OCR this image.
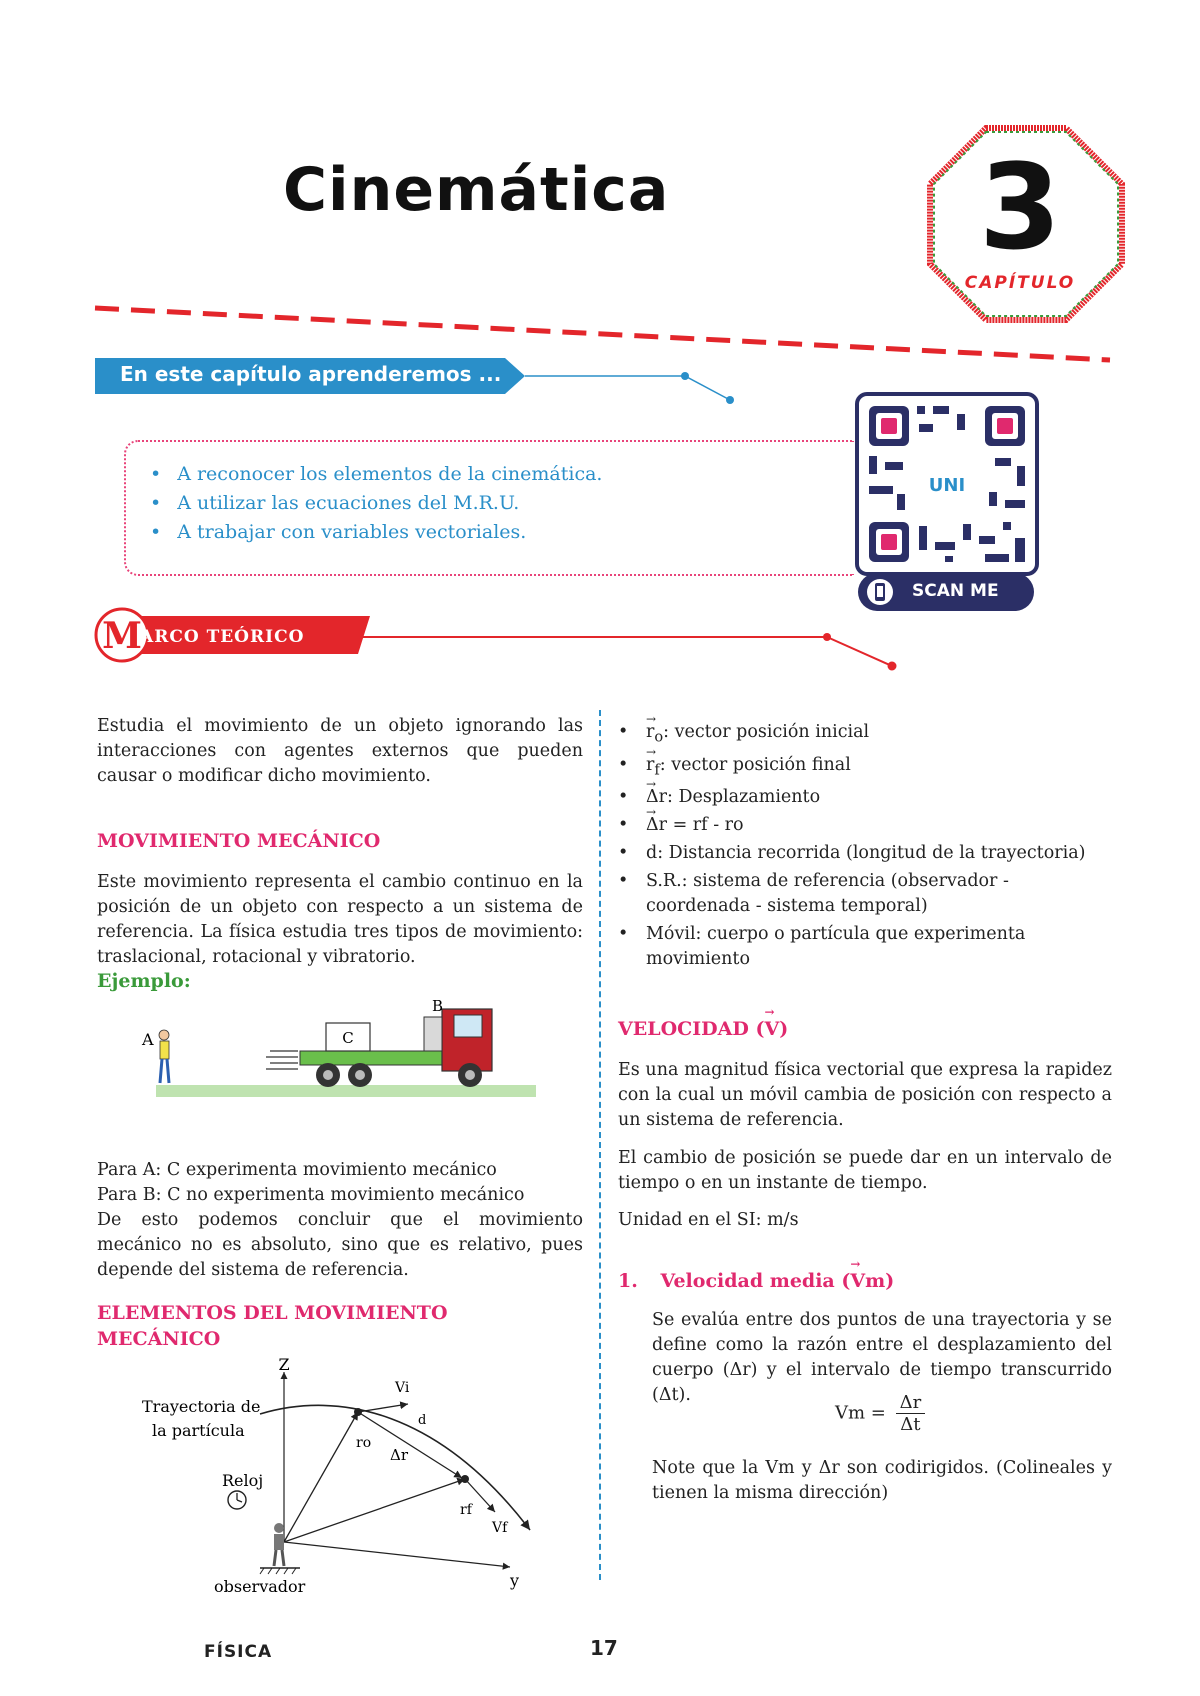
Cinemática	3
CAPÍTULO
En este capítulo aprenderemos ...
• A reconocer los elementos de la cinemática.
• A utilizar las ecuaciones del M.R.U.
• A trabajar con variables vectoriales.
UNI
SCAN ME
M
ARCO TEÓRICO

Estudia el movimiento de un objeto ignorando las interacciones con agentes externos que pueden causar o modificar dicho movimiento.

MOVIMIENTO MECÁNICO

Este movimiento representa el cambio continuo en la posición de un objeto con respecto a un sistema de referencia. La física estudia tres tipos de movimiento: traslacional, rotacional y vibratorio.

Ejemplo:

A	C
B

Para A: C experimenta movimiento mecánico

Para B: C no experimenta movimiento mecánico

De esto podemos concluir que el movimiento mecánico no es absoluto, sino que es relativo, pues depende del sistema de referencia.

ELEMENTOS DEL MOVIMIENTO

MECÁNICO

Z
y
Vi
Vf
ro
rf
d
Δr
Trayectoria de
la partícula
Reloj
observador
• → $r_o$: vector posición inicial
• → $r_f$: vector posición final
• → Δr: Desplazamiento
• → Δr = rf - ro
• d: Distancia recorrida (longitud de la trayectoria)
• S.R.: sistema de referencia (observador - coordenada - sistema temporal)
• Móvil: cuerpo o partícula que experimenta movimiento

VELOCIDAD (→ V)

Es una magnitud física vectorial que expresa la rapidez con la cual un móvil cambia de posición con respecto a un sistema de referencia.

El cambio de posición se puede dar en un intervalo de tiempo o en un instante de tiempo.

Unidad en el SI: m/s

1. Velocidad media (→ Vm)

Se evalúa entre dos puntos de una trayectoria y se define como la razón entre el desplazamiento del cuerpo (Δr) y el intervalo de tiempo transcurrido (Δt).

$Vm = \frac{\Delta r}{\Delta t}$

Note que la Vm y Δr son codirigidos. (Colineales y tienen la misma dirección)

FÍSICA	17
